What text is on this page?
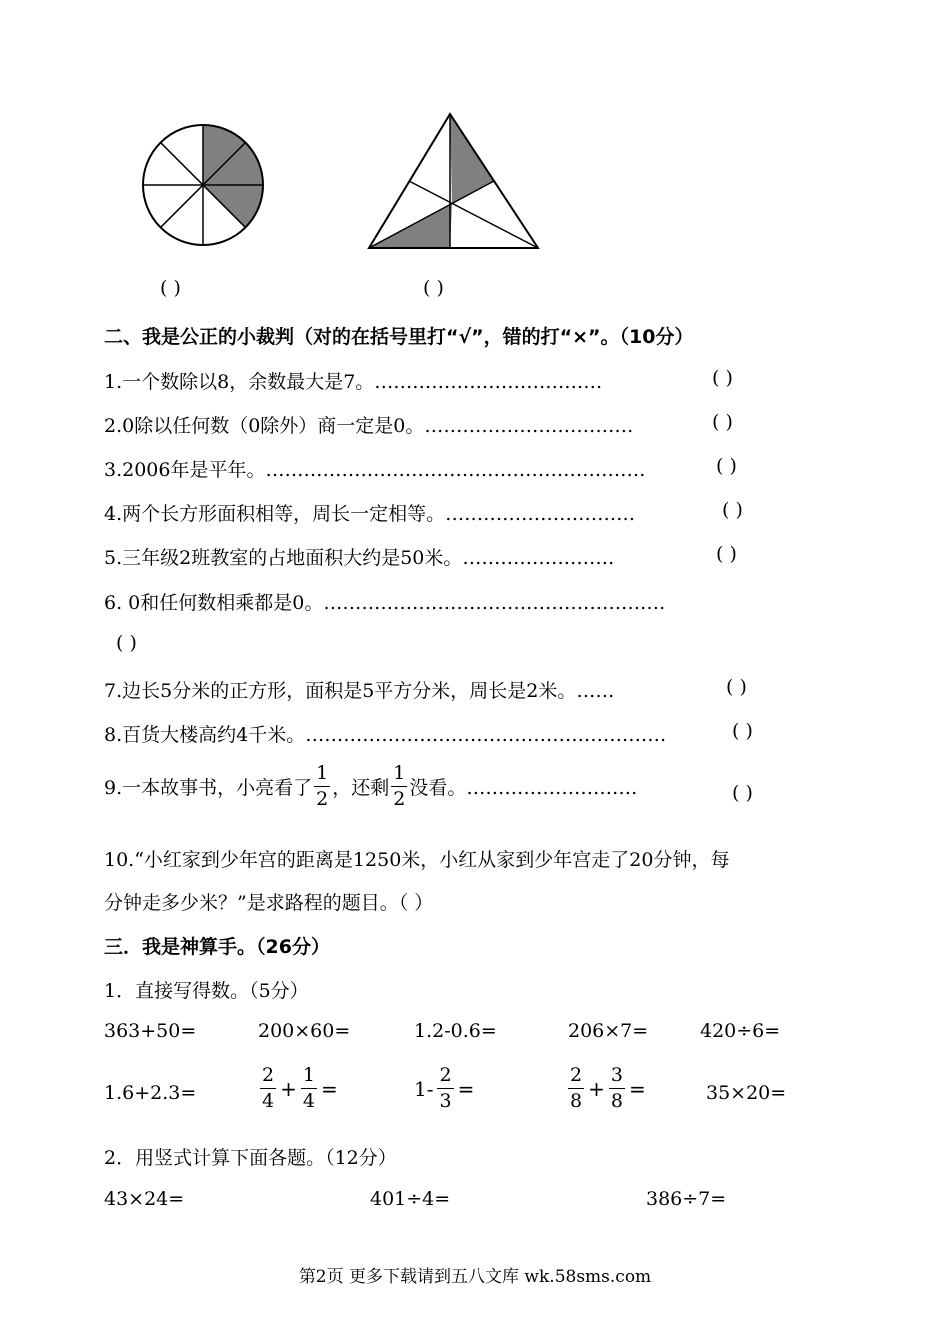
( )	( )
二、我是公正的小裁判（对的在括号里打“√”，错的打“×”。（10分）
1.一个数除以8，余数最大是7。………………………………	( )
2.0除以任何数（0除外）商一定是0。……………………………	( )
3.2006年是平年。……………………………………………………	( )
4.两个长方形面积相等，周长一定相等。…………………………	( )
5.三年级2班教室的占地面积大约是50米。……………………	( )
6. 0和任何数相乘都是0。………………………………………………
( )
7.边长5分米的正方形，面积是5平方分米，周长是2米。……	( )
8.百货大楼高约4千米。…………………………………………………	( )
9.一本故事书，小亮看了 $\frac{1}{2}$ ，还剩 $\frac{1}{2}$ 没看。………………………	( )
10.“小红家到少年宫的距离是1250米，小红从家到少年宫走了20分钟，每
分钟走多少米？”是求路程的题目。（ ）
三．我是神算手。（26分）
1．直接写得数。（5分）
363+50=	200×60=	1.2-0.6=	206×7=	420÷6=
1.6+2.3=	$\frac{2}{4} + \frac{1}{4}$ =	$1- \frac{2}{3}$ =	$\frac{2}{8} + \frac{3}{8}$ =	35×20=
2．用竖式计算下面各题。（12分）
43×24=	401÷4=	386÷7=
第2页 更多下载请到五八文库 wk.58sms.com
